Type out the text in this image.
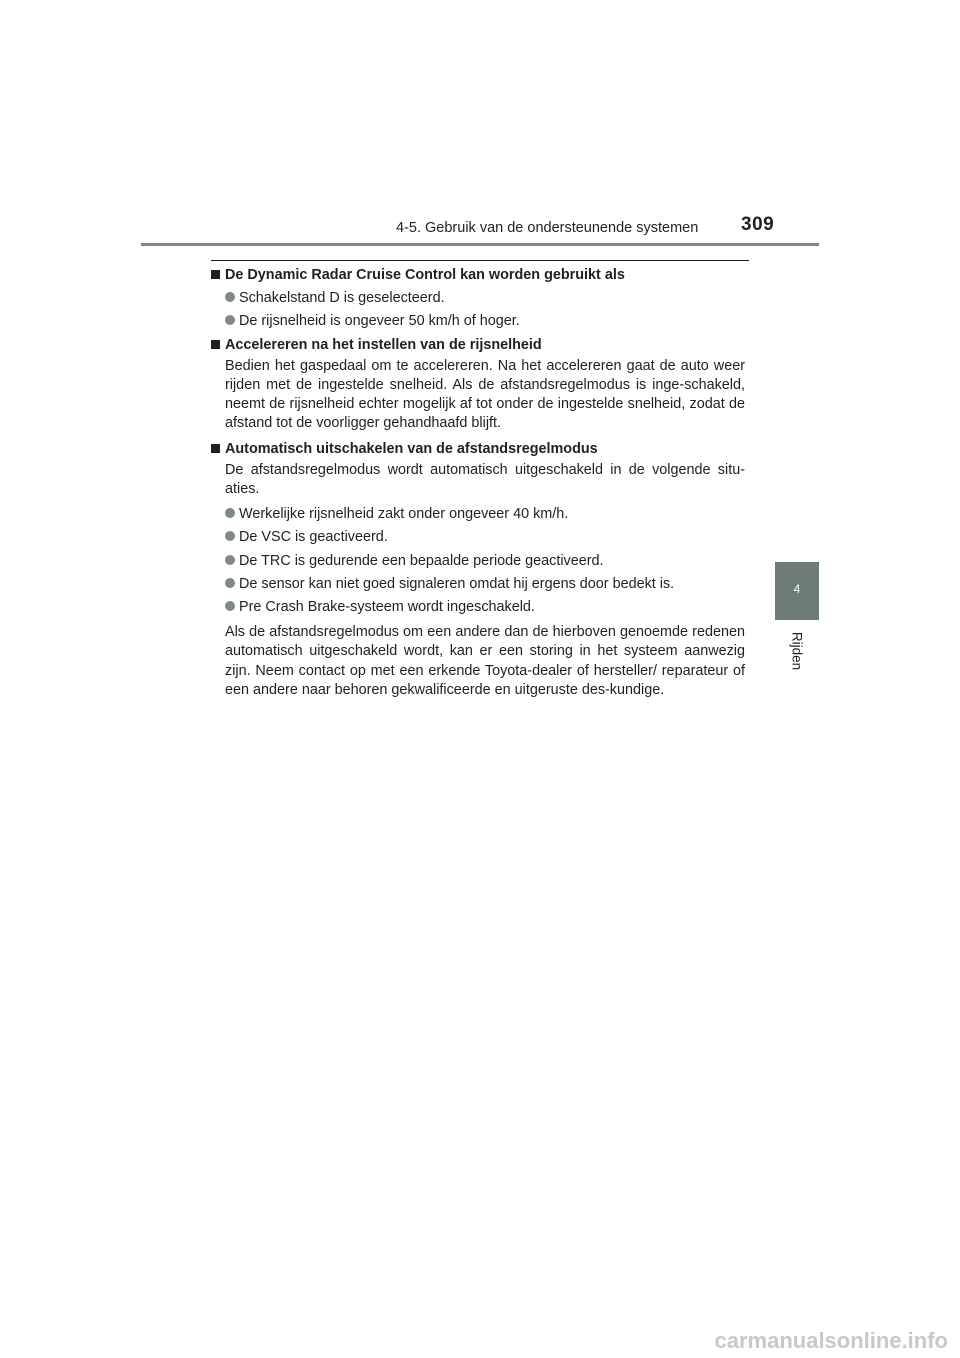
4-5. Gebruik van de ondersteunende systemen 309
4
Rijden
De Dynamic Radar Cruise Control kan worden gebruikt als
Schakelstand D is geselecteerd.
De rijsnelheid is ongeveer 50 km/h of hoger.
Accelereren na het instellen van de rijsnelheid

Bedien het gaspedaal om te accelereren. Na het accelereren gaat de auto weer rijden met de ingestelde snelheid. Als de afstandsregelmodus is inge-schakeld, neemt de rijsnelheid echter mogelijk af tot onder de ingestelde snelheid, zodat de afstand tot de voorligger gehandhaafd blijft.

Automatisch uitschakelen van de afstandsregelmodus

De afstandsregelmodus wordt automatisch uitgeschakeld in de volgende situ-aties.

Werkelijke rijsnelheid zakt onder ongeveer 40 km/h.
De VSC is geactiveerd.
De TRC is gedurende een bepaalde periode geactiveerd.
De sensor kan niet goed signaleren omdat hij ergens door bedekt is.
Pre Crash Brake-systeem wordt ingeschakeld.

Als de afstandsregelmodus om een andere dan de hierboven genoemde redenen automatisch uitgeschakeld wordt, kan er een storing in het systeem aanwezig zijn. Neem contact op met een erkende Toyota-dealer of hersteller/ reparateur of een andere naar behoren gekwalificeerde en uitgeruste des-kundige.

carmanualsonline.info
